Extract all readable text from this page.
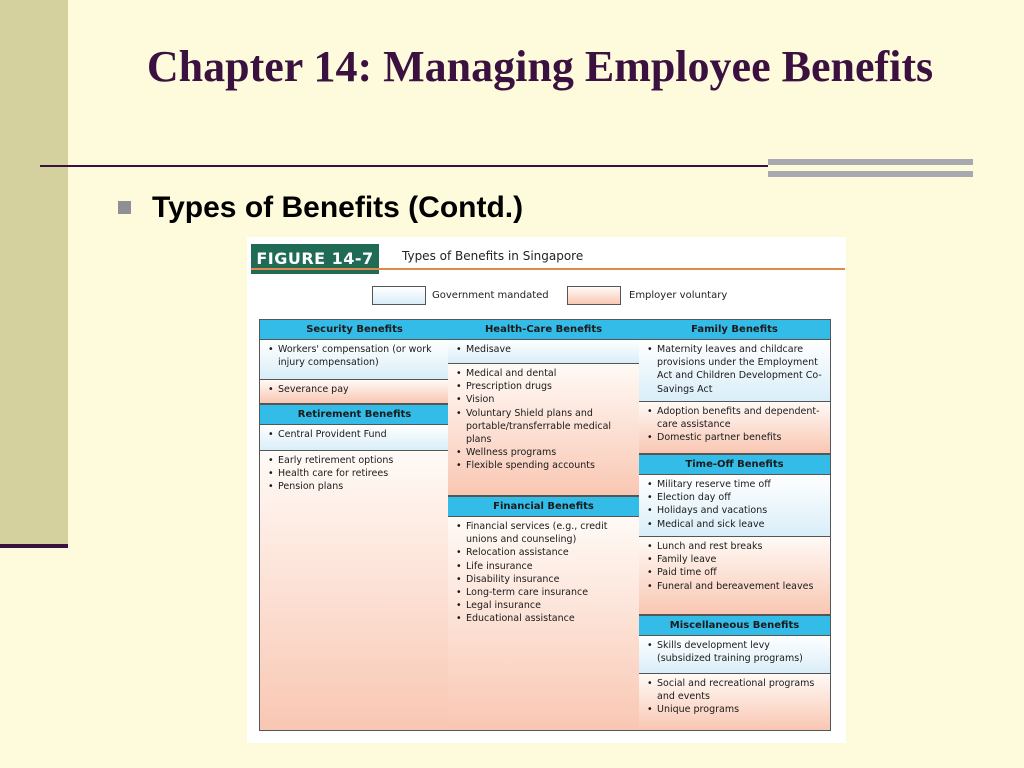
Chapter 14: Managing Employee Benefits
Types of Benefits (Contd.)
FIGURE 14-7	Types of Benefits in Singapore
Government mandated	Employer voluntary
Security Benefits
• Workers' compensation (or work injury compensation)
• Severance pay
Retirement Benefits
• Central Provident Fund
• Early retirement options
• Health care for retirees
• Pension plans
Health-Care Benefits
• Medisave
• Medical and dental
• Prescription drugs
• Vision
• Voluntary Shield plans and portable/transferrable medical plans
• Wellness programs
• Flexible spending accounts
Financial Benefits
• Financial services (e.g., credit unions and counseling)
• Relocation assistance
• Life insurance
• Disability insurance
• Long-term care insurance
• Legal insurance
• Educational assistance
Family Benefits
• Maternity leaves and childcare provisions under the Employment Act and Children Development Co-Savings Act
• Adoption benefits and dependent-care assistance
• Domestic partner benefits
Time-Off Benefits
• Military reserve time off
• Election day off
• Holidays and vacations
• Medical and sick leave
• Lunch and rest breaks
• Family leave
• Paid time off
• Funeral and bereavement leaves
Miscellaneous Benefits
• Skills development levy (subsidized training programs)
• Social and recreational programs and events
• Unique programs
